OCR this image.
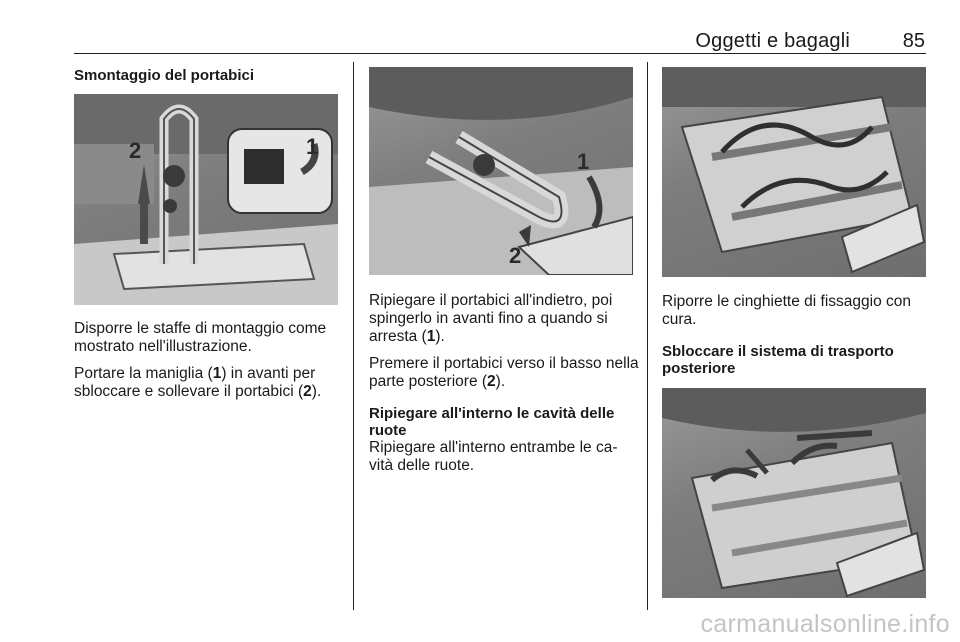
Oggetti e bagagli	85
Smontaggio del portabici
1
2

Disporre le staffe di montaggio come mostrato nell'illustrazione.

Portare la maniglia (1) in avanti per sbloccare e sollevare il portabici (2).

1
2

Ripiegare il portabici all'indietro, poi spingerlo in avanti fino a quando si arresta (1).

Premere il portabici verso il basso nella parte posteriore (2).

Ripiegare all'interno le cavità delle ruote

Ripiegare all'interno entrambe le ca-vità delle ruote.

Riporre le cinghiette di fissaggio con cura.

Sbloccare il sistema di trasporto posteriore
carmanualsonline.info
